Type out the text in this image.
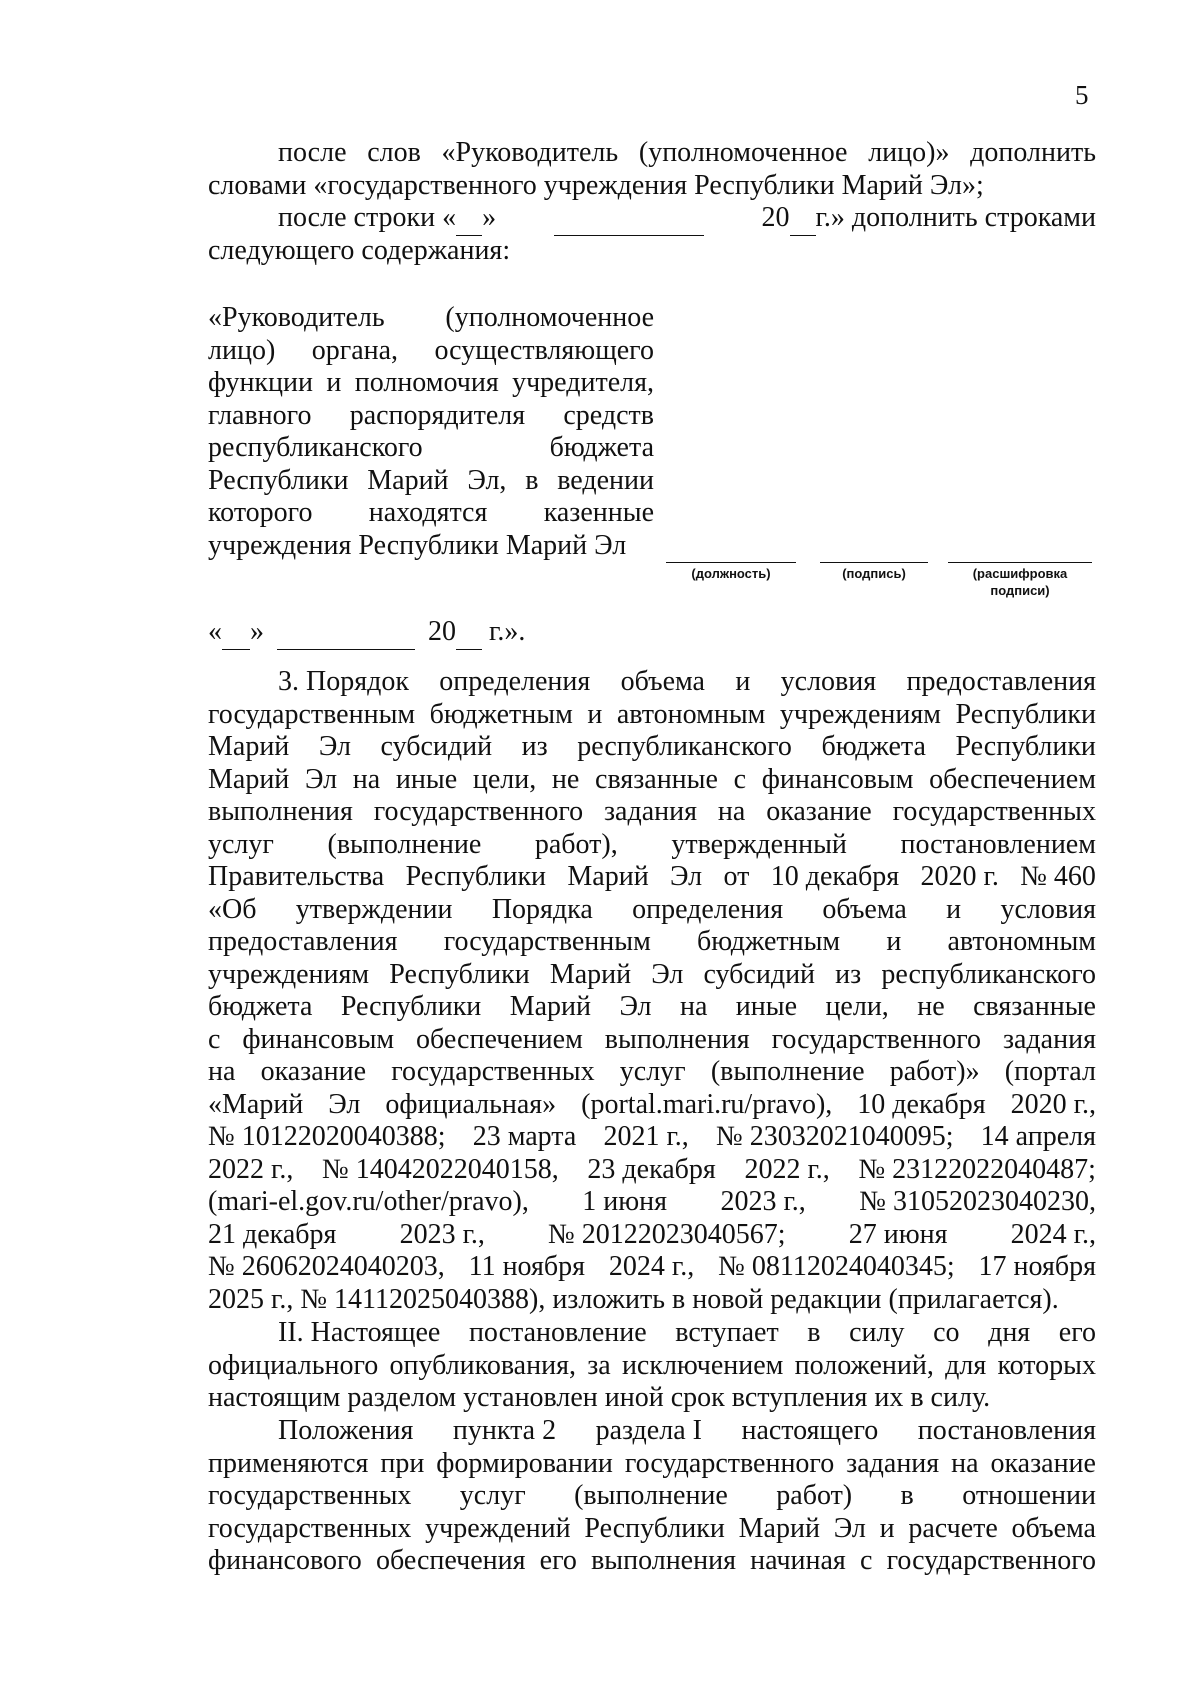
5
после слов «Руководитель (уполномоченное лицо)» дополнить
словами «государственного учреждения Республики Марий Эл»;
после строки « »
	20 г.» дополнить строками
следующего содержания:
«Руководитель (уполномоченное
лицо) органа, осуществляющего
функции и полномочия учредителя,
главного распорядителя средств
республиканского	бюджета
Республики Марий Эл, в ведении
которого находятся казенные
учреждения Республики Марий Эл
(должность)	(подпись)	(расшифровка
подписи)
« »	20  г.».
3. Порядок определения объема и условия предоставления
государственным бюджетным и автономным учреждениям Республики
Марий Эл субсидий из республиканского бюджета Республики
Марий Эл на иные цели, не связанные с финансовым обеспечением
выполнения государственного задания на оказание государственных
услуг (выполнение работ), утвержденный постановлением
Правительства Республики Марий Эл от 10 декабря 2020 г. № 460
«Об утверждении Порядка определения объема и условия
предоставления государственным бюджетным и автономным
учреждениям Республики Марий Эл субсидий из республиканского
бюджета Республики Марий Эл на иные цели, не связанные
с финансовым обеспечением выполнения государственного задания
на оказание государственных услуг (выполнение работ)» (портал
«Марий Эл официальная» (portal.mari.ru/pravo), 10 декабря 2020 г.,
№ 10122020040388; 23 марта 2021 г., № 23032021040095; 14 апреля
2022 г., № 14042022040158, 23 декабря 2022 г., № 23122022040487;
(mari-el.gov.ru/other/pravo), 1 июня 2023 г., № 31052023040230,
21 декабря 2023 г., № 20122023040567; 27 июня 2024 г.,
№ 26062024040203, 11 ноября 2024 г., № 08112024040345; 17 ноября
2025 г., № 14112025040388), изложить в новой редакции (прилагается).
II. Настоящее постановление вступает в силу со дня его
официального опубликования, за исключением положений, для которых
настоящим разделом установлен иной срок вступления их в силу.
Положения пункта 2 раздела I настоящего постановления
применяются при формировании государственного задания на оказание
государственных услуг (выполнение работ) в отношении
государственных учреждений Республики Марий Эл и расчете объема
финансового обеспечения его выполнения начиная с государственного
